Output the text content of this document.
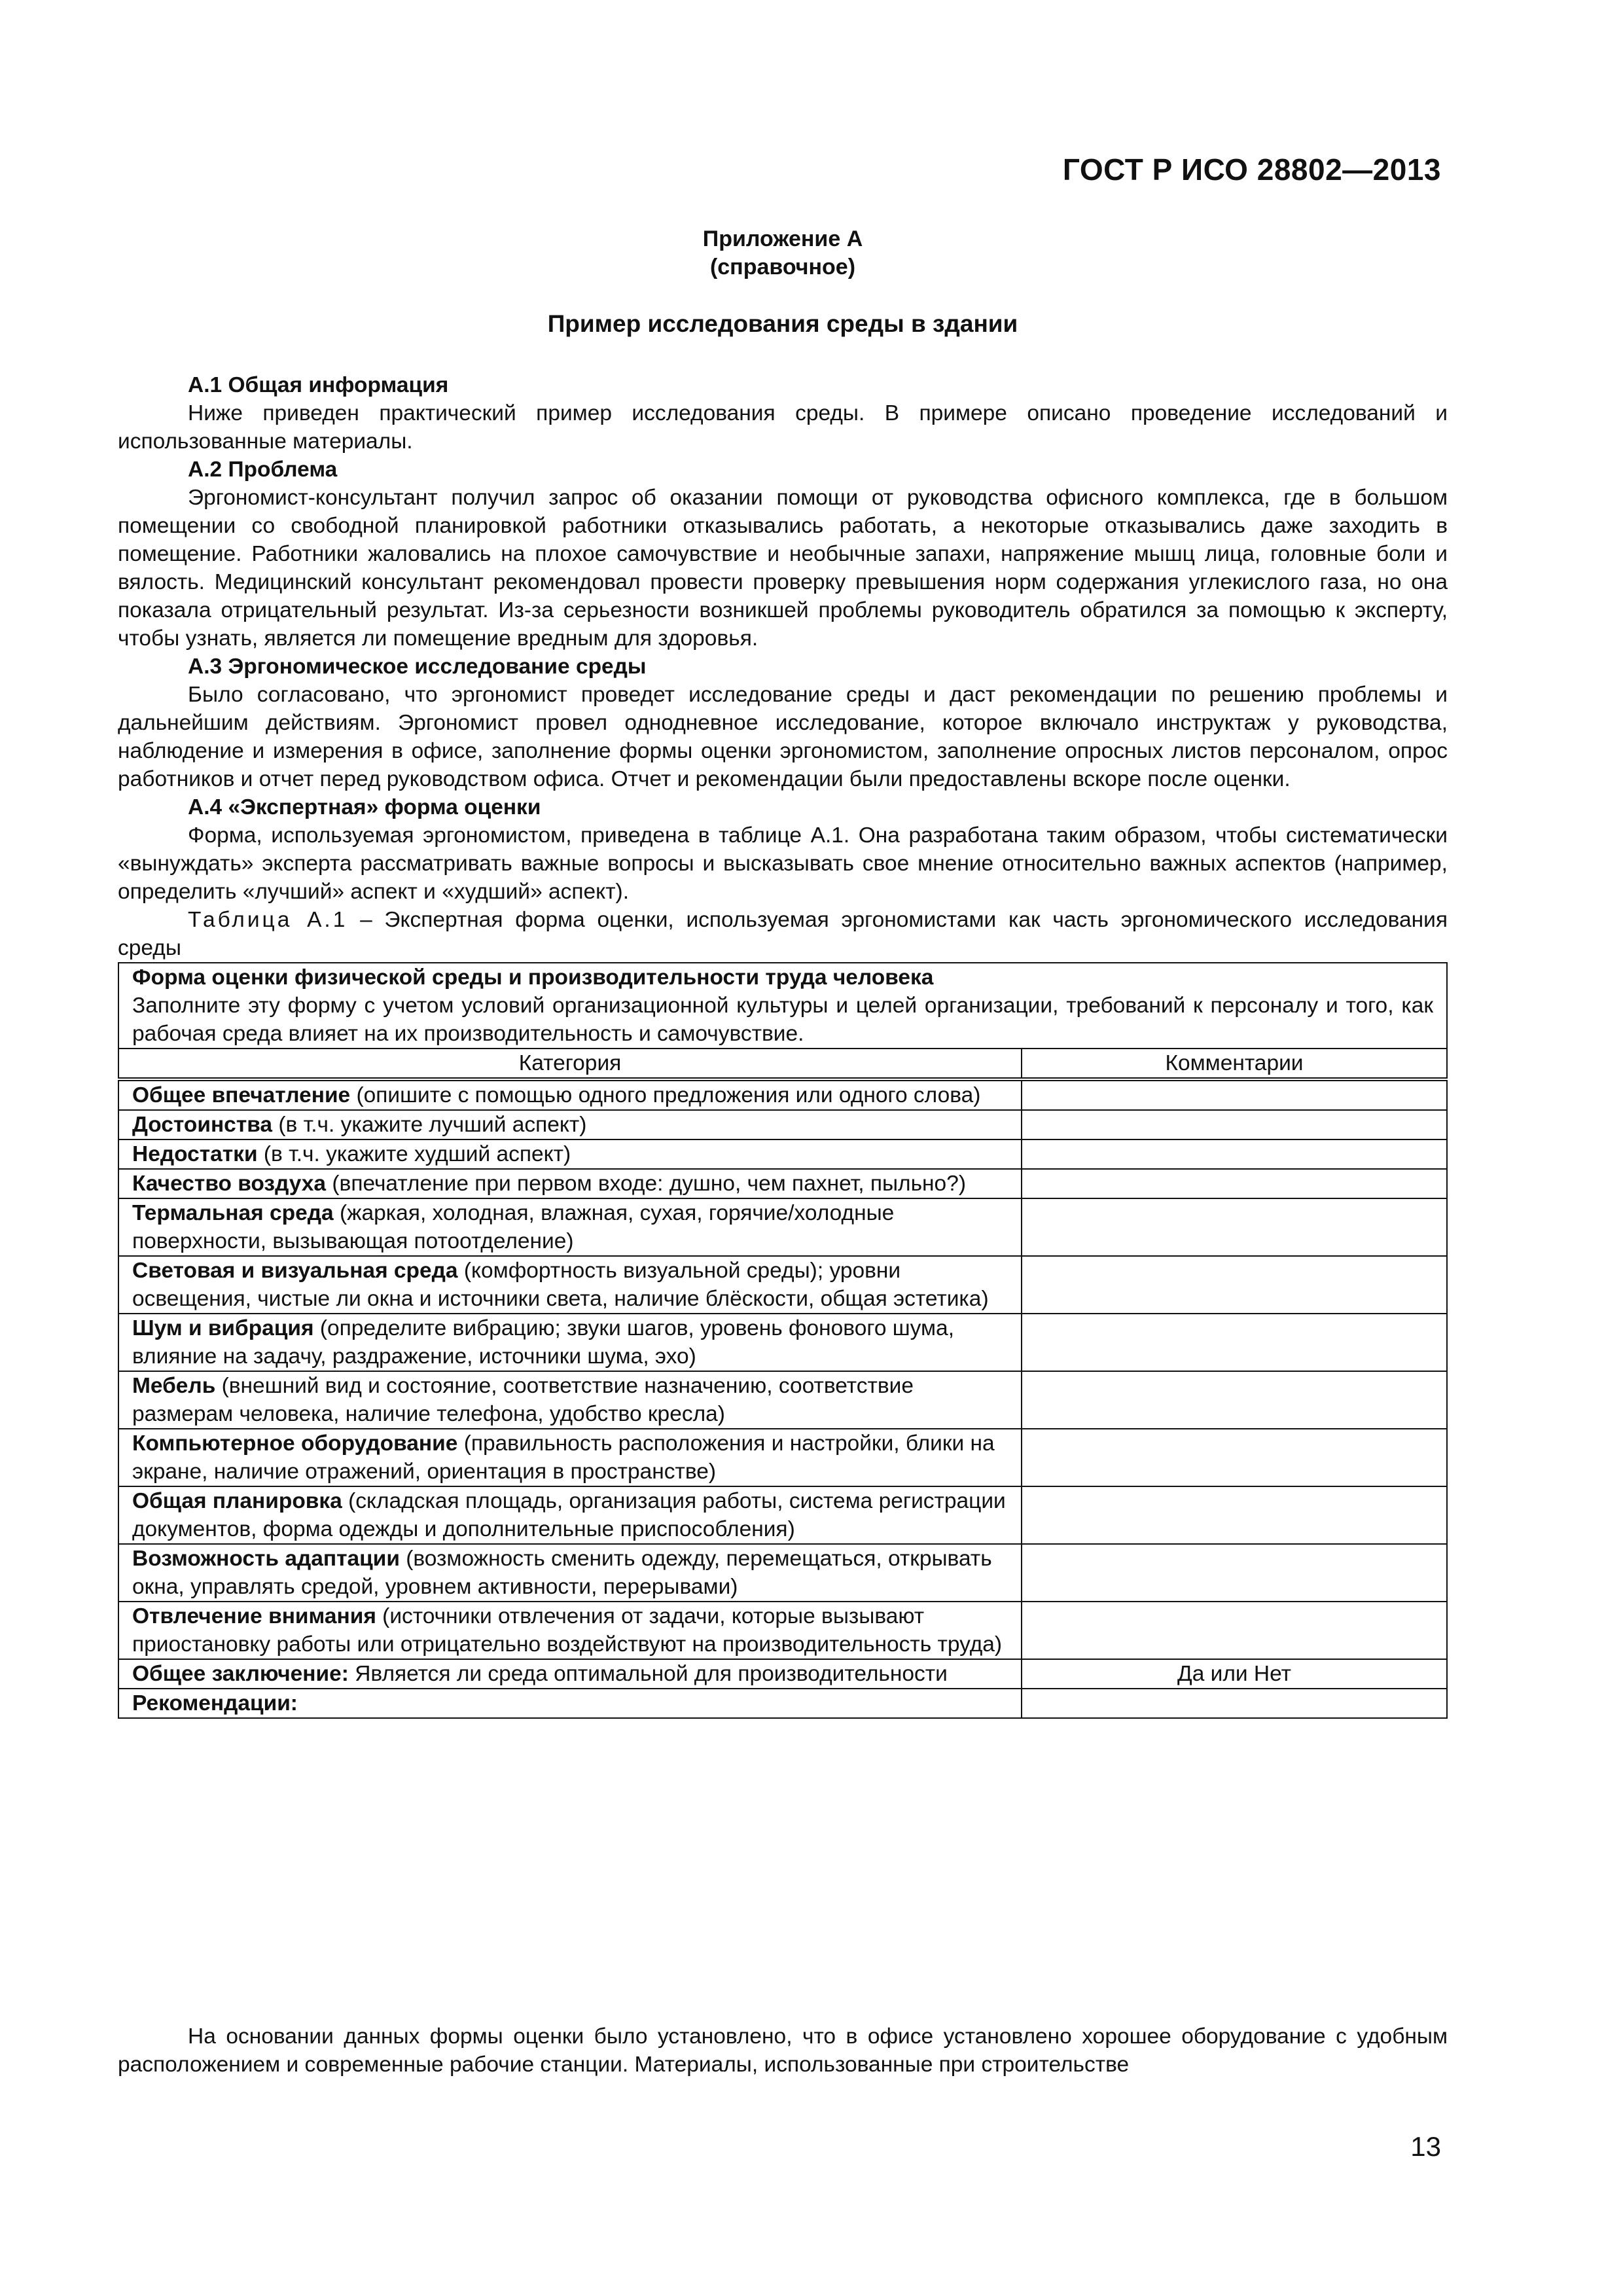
ГОСТ Р ИСО 28802—2013
Приложение А
(справочное)
Пример исследования среды в здании
А.1 Общая информация

Ниже приведен практический пример исследования среды. В примере описано проведение исследований и использованные материалы.

А.2 Проблема

Эргономист-консультант получил запрос об оказании помощи от руководства офисного комплекса, где в большом помещении со свободной планировкой работники отказывались работать, а некоторые отказывались даже заходить в помещение. Работники жаловались на плохое самочувствие и необычные запахи, напряжение мышц лица, головные боли и вялость. Медицинский консультант рекомендовал провести проверку превышения норм содержания углекислого газа, но она показала отрицательный результат. Из-за серьезности возникшей проблемы руководитель обратился за помощью к эксперту, чтобы узнать, является ли помещение вредным для здоровья.

А.3 Эргономическое исследование среды

Было согласовано, что эргономист проведет исследование среды и даст рекомендации по решению проблемы и дальнейшим действиям. Эргономист провел однодневное исследование, которое включало инструктаж у руководства, наблюдение и измерения в офисе, заполнение формы оценки эргономистом, заполнение опросных листов персоналом, опрос работников и отчет перед руководством офиса. Отчет и рекомендации были предоставлены вскоре после оценки.

А.4 «Экспертная» форма оценки

Форма, используемая эргономистом, приведена в таблице А.1. Она разработана таким образом, чтобы систематически «вынуждать» эксперта рассматривать важные вопросы и высказывать свое мнение относительно важных аспектов (например, определить «лучший» аспект и «худший» аспект).

Таблица А.1 – Экспертная форма оценки, используемая эргономистами как часть эргономического исследования среды

Форма оценки физической среды и производительности труда человека
Заполните эту форму с учетом условий организационной культуры и целей организации, требований к персоналу и того, как рабочая среда влияет на их производительность и самочувствие.	

Категория	Комментарии
Общее впечатление (опишите с помощью одного предложения или одного слова)	
Достоинства (в т.ч. укажите лучший аспект)	
Недостатки (в т.ч. укажите худший аспект)	
Качество воздуха (впечатление при первом входе: душно, чем пахнет, пыльно?)	
Термальная среда (жаркая, холодная, влажная, сухая, горячие/холодные поверхности, вызывающая потоотделение)	
Световая и визуальная среда (комфортность визуальной среды); уровни освещения, чистые ли окна и источники света, наличие блёскости, общая эстетика)	
Шум и вибрация (определите вибрацию; звуки шагов, уровень фонового шума, влияние на задачу, раздражение, источники шума, эхо)	
Мебель (внешний вид и состояние, соответствие назначению, соответствие размерам человека, наличие телефона, удобство кресла)	
Компьютерное оборудование (правильность расположения и настройки, блики на экране, наличие отражений, ориентация в пространстве)	
Общая планировка (складская площадь, организация работы, система регистрации документов, форма одежды и дополнительные приспособления)	
Возможность адаптации (возможность сменить одежду, перемещаться, открывать окна, управлять средой, уровнем активности, перерывами)	
Отвлечение внимания (источники отвлечения от задачи, которые вызывают приостановку работы или отрицательно воздействуют на производительность труда)	
Общее заключение: Является ли среда оптимальной для производительности	Да или Нет
Рекомендации:	

На основании данных формы оценки было установлено, что в офисе установлено хорошее оборудование с удобным расположением и современные рабочие станции. Материалы, использованные при строительстве

13
